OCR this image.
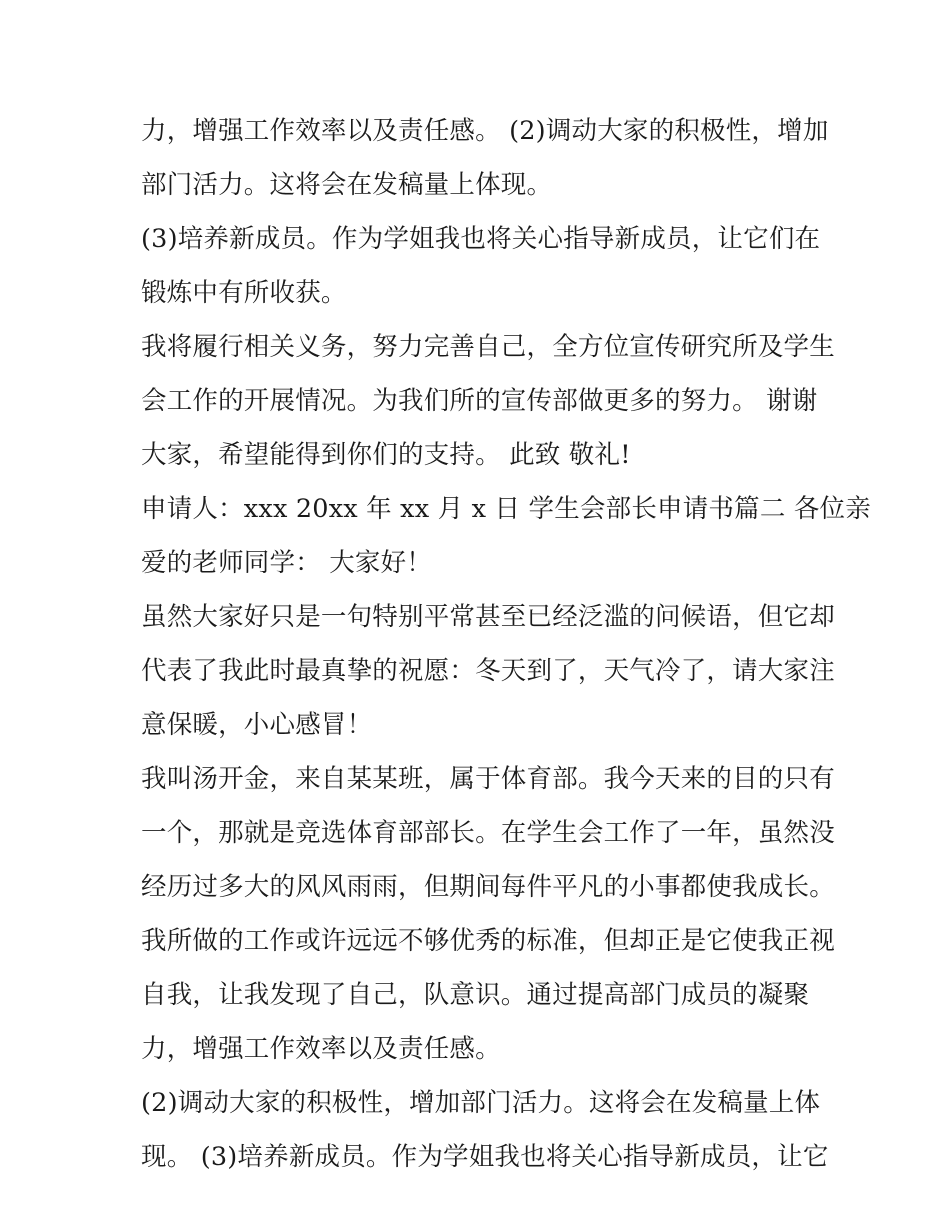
力，增强工作效率以及责任感。 (2)调动大家的积极性，增加
部门活力。这将会在发稿量上体现。
(3)培养新成员。作为学姐我也将关心指导新成员，让它们在
锻炼中有所收获。
我将履行相关义务，努力完善自己，全方位宣传研究所及学生
会工作的开展情况。为我们所的宣传部做更多的努力。 谢谢
大家，希望能得到你们的支持。 此致 敬礼!
申请人：xxx 20xx 年 xx 月 x 日 学生会部长申请书篇二 各位亲
爱的老师同学： 大家好！
虽然大家好只是一句特别平常甚至已经泛滥的问候语，但它却
代表了我此时最真挚的祝愿：冬天到了，天气冷了，请大家注
意保暖，小心感冒！
我叫汤开金，来自某某班，属于体育部。我今天来的目的只有
一个，那就是竞选体育部部长。在学生会工作了一年，虽然没
经历过多大的风风雨雨，但期间每件平凡的小事都使我成长。
我所做的工作或许远远不够优秀的标准，但却正是它使我正视
自我，让我发现了自己，队意识。通过提高部门成员的凝聚
力，增强工作效率以及责任感。
(2)调动大家的积极性，增加部门活力。这将会在发稿量上体
现。 (3)培养新成员。作为学姐我也将关心指导新成员，让它
